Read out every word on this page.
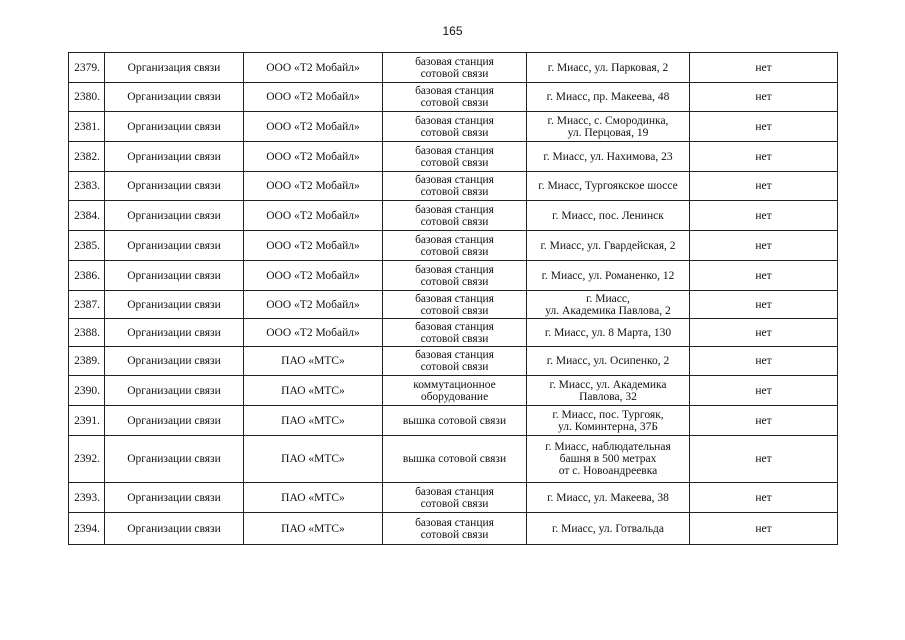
165
2379.	Организация связи	ООО «Т2 Мобайл»	базовая станция
сотовой связи	г. Миасс, ул. Парковая, 2	нет
2380.	Организации связи	ООО «Т2 Мобайл»	базовая станция
сотовой связи	г. Миасс, пр. Макеева, 48	нет
2381.	Организации связи	ООО «Т2 Мобайл»	базовая станция
сотовой связи	г. Миасс, с. Смородинка,
ул. Перцовая, 19	нет
2382.	Организации связи	ООО «Т2 Мобайл»	базовая станция
сотовой связи	г. Миасс, ул. Нахимова, 23	нет
2383.	Организации связи	ООО «Т2 Мобайл»	базовая станция
сотовой связи	г. Миасс, Тургоякское шоссе	нет
2384.	Организации связи	ООО «Т2 Мобайл»	базовая станция
сотовой связи	г. Миасс, пос. Ленинск	нет
2385.	Организации связи	ООО «Т2 Мобайл»	базовая станция
сотовой связи	г. Миасс, ул. Гвардейская, 2	нет
2386.	Организации связи	ООО «Т2 Мобайл»	базовая станция
сотовой связи	г. Миасс, ул. Романенко, 12	нет
2387.	Организации связи	ООО «Т2 Мобайл»	базовая станция
сотовой связи	г. Миасс,
ул. Академика Павлова, 2	нет
2388.	Организации связи	ООО «Т2 Мобайл»	базовая станция
сотовой связи	г. Миасс, ул. 8 Марта, 130	нет
2389.	Организации связи	ПАО «МТС»	базовая станция
сотовой связи	г. Миасс, ул. Осипенко, 2	нет
2390.	Организации связи	ПАО «МТС»	коммутационное
оборудование	г. Миасс, ул. Академика
Павлова, 32	нет
2391.	Организации связи	ПАО «МТС»	вышка сотовой связи	г. Миасс, пос. Тургояк,
ул. Коминтерна, 37Б	нет
2392.	Организации связи	ПАО «МТС»	вышка сотовой связи	г. Миасс, наблюдательная
башня в 500 метрах
от с. Новоандреевка	нет
2393.	Организации связи	ПАО «МТС»	базовая станция
сотовой связи	г. Миасс, ул. Макеева, 38	нет
2394.	Организации связи	ПАО «МТС»	базовая станция
сотовой связи	г. Миасс, ул. Готвальда	нет
